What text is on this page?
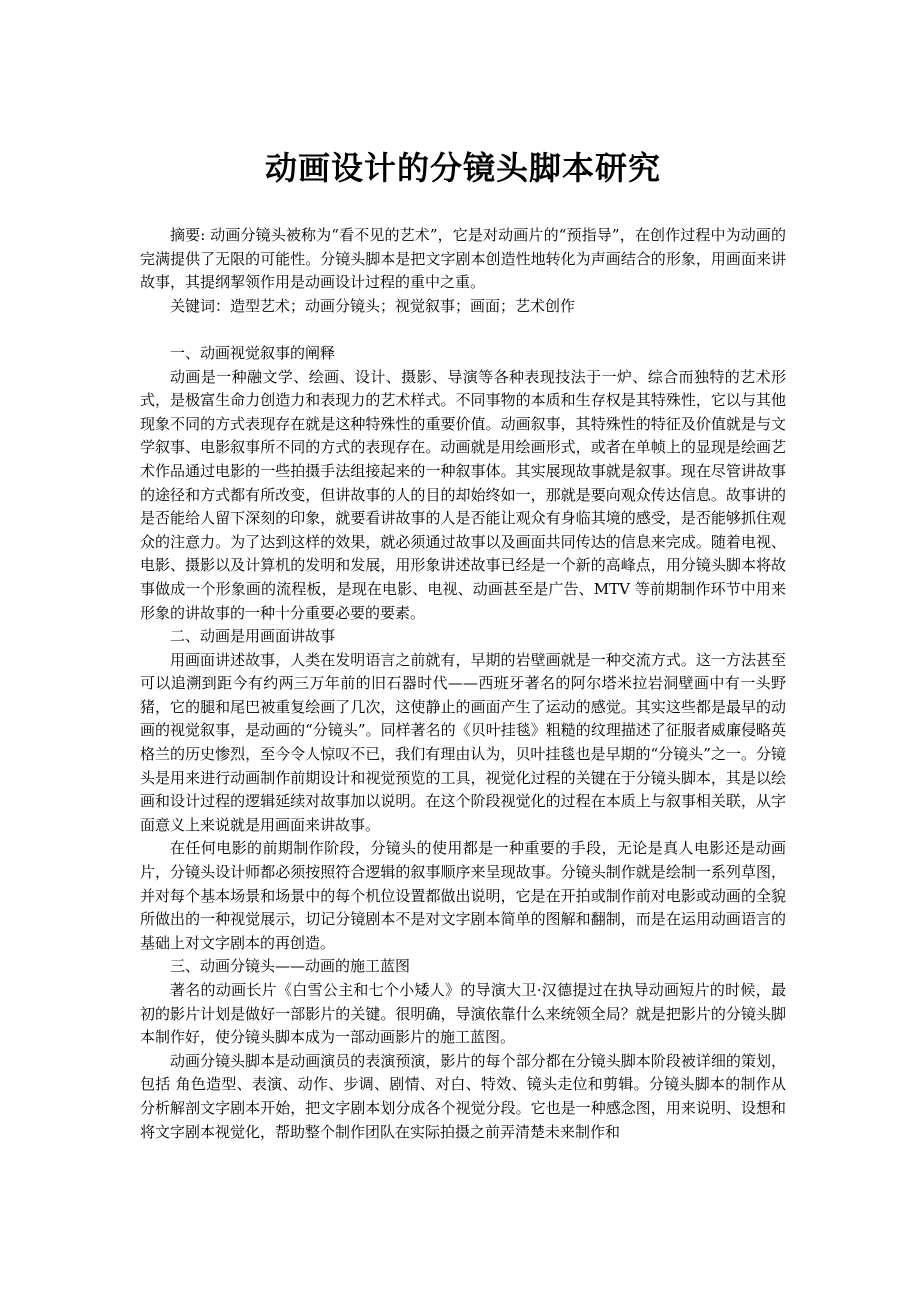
动画设计的分镜头脚本研究

摘要: 动画分镜头被称为“看不见的艺术”，它是对动画片的“预指导”，在创作过程中为动画的完满提供了无限的可能性。分镜头脚本是把文字剧本创造性地转化为声画结合的形象，用画面来讲故事，其提纲挈领作用是动画设计过程的重中之重。

关键词：造型艺术；动画分镜头；视觉叙事；画面；艺术创作

一、动画视觉叙事的阐释

动画是一种融文学、绘画、设计、摄影、导演等各种表现技法于一炉、综合而独特的艺术形式，是极富生命力创造力和表现力的艺术样式。不同事物的本质和生存权是其特殊性，它以与其他现象不同的方式表现存在就是这种特殊性的重要价值。动画叙事，其特殊性的特征及价值就是与文学叙事、电影叙事所不同的方式的表现存在。动画就是用绘画形式，或者在单帧上的显现是绘画艺术作品通过电影的一些拍摄手法组接起来的一种叙事体。其实展现故事就是叙事。现在尽管讲故事的途径和方式都有所改变，但讲故事的人的目的却始终如一，那就是要向观众传达信息。故事讲的是否能给人留下深刻的印象，就要看讲故事的人是否能让观众有身临其境的感受，是否能够抓住观众的注意力。为了达到这样的效果，就必须通过故事以及画面共同传达的信息来完成。随着电视、电影、摄影以及计算机的发明和发展，用形象讲述故事已经是一个新的高峰点，用分镜头脚本将故事做成一个形象画的流程板，是现在电影、电视、动画甚至是广告、MTV 等前期制作环节中用来形象的讲故事的一种十分重要必要的要素。

二、动画是用画面讲故事

用画面讲述故事，人类在发明语言之前就有，早期的岩壁画就是一种交流方式。这一方法甚至可以追溯到距今有约两三万年前的旧石器时代——西班牙著名的阿尔塔米拉岩洞壁画中有一头野猪，它的腿和尾巴被重复绘画了几次，这使静止的画面产生了运动的感觉。其实这些都是最早的动画的视觉叙事，是动画的“分镜头”。同样著名的《贝叶挂毯》粗糙的纹理描述了征服者威廉侵略英格兰的历史惨烈，至今令人惊叹不已，我们有理由认为，贝叶挂毯也是早期的“分镜头”之一。分镜头是用来进行动画制作前期设计和视觉预览的工具，视觉化过程的关键在于分镜头脚本，其是以绘画和设计过程的逻辑延续对故事加以说明。在这个阶段视觉化的过程在本质上与叙事相关联，从字面意义上来说就是用画面来讲故事。

在任何电影的前期制作阶段，分镜头的使用都是一种重要的手段，无论是真人电影还是动画片，分镜头设计师都必须按照符合逻辑的叙事顺序来呈现故事。分镜头制作就是绘制一系列草图，并对每个基本场景和场景中的每个机位设置都做出说明，它是在开拍或制作前对电影或动画的全貌所做出的一种视觉展示，切记分镜剧本不是对文字剧本简单的图解和翻制，而是在运用动画语言的基础上对文字剧本的再创造。

三、动画分镜头——动画的施工蓝图

著名的动画长片《白雪公主和七个小矮人》的导演大卫·汉德提过在执导动画短片的时候，最初的影片计划是做好一部影片的关键。很明确，导演依靠什么来统领全局？就是把影片的分镜头脚本制作好，使分镜头脚本成为一部动画影片的施工蓝图。

动画分镜头脚本是动画演员的表演预演，影片的每个部分都在分镜头脚本阶段被详细的策划，包括 角色造型、表演、动作、步调、剧情、对白、特效、镜头走位和剪辑。分镜头脚本的制作从分析解剖文字剧本开始，把文字剧本划分成各个视觉分段。它也是一种感念图，用来说明、设想和将文字剧本视觉化，帮助整个制作团队在实际拍摄之前弄清楚未来制作和
